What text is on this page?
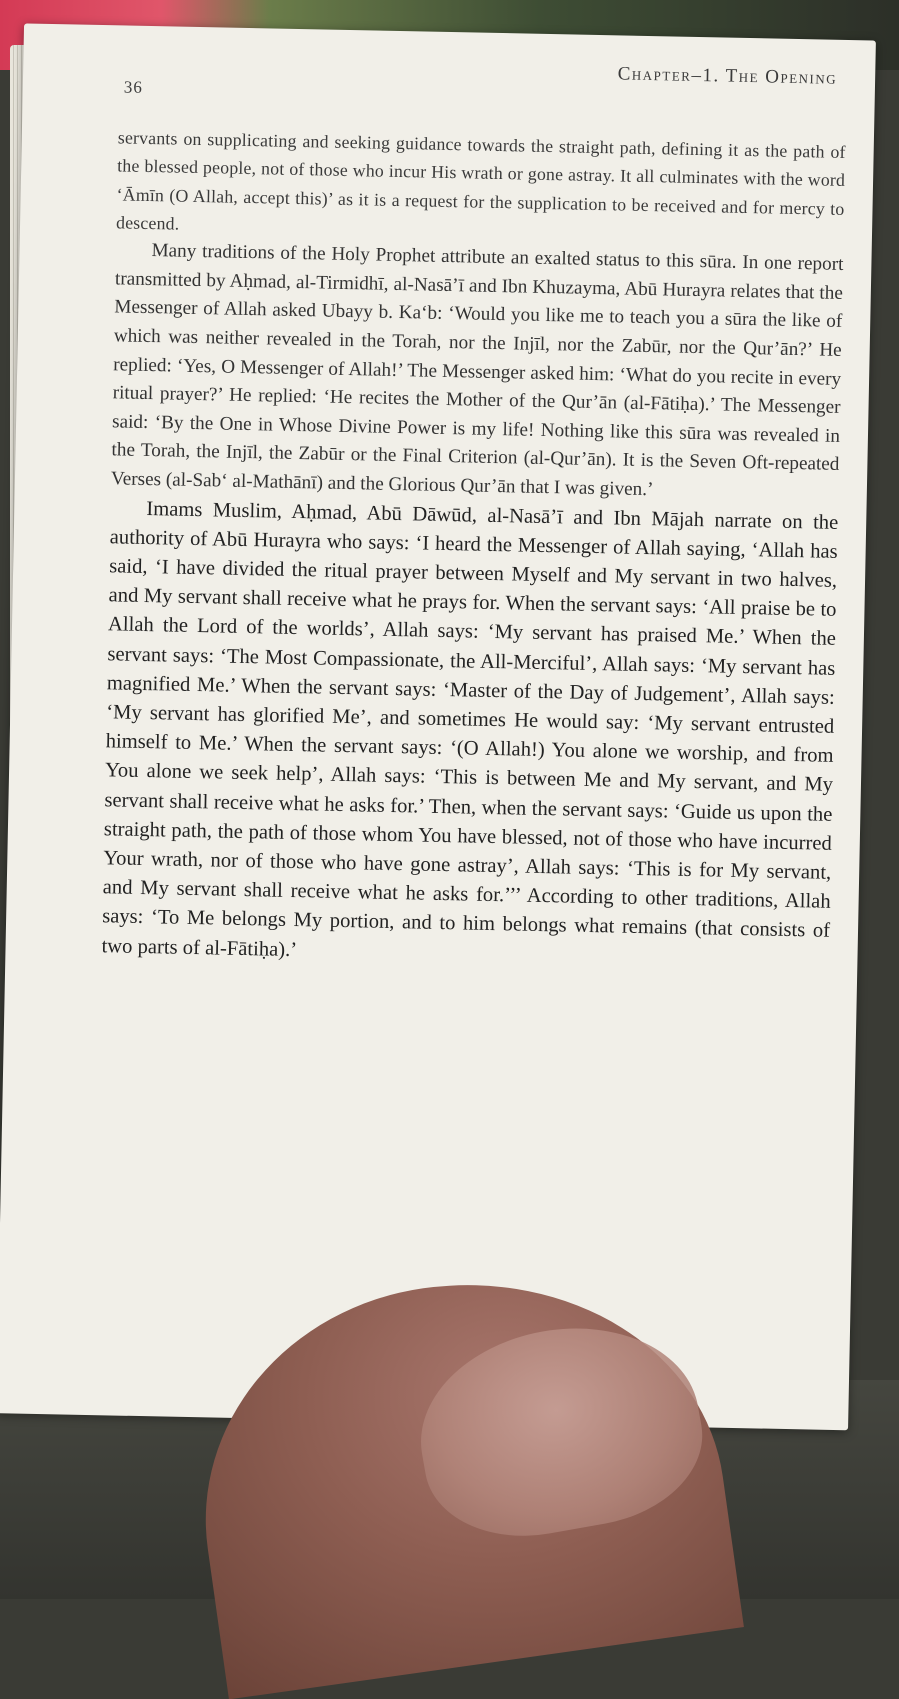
36	Chapter–1. The Opening

servants on supplicating and seeking guidance towards the straight path, defining it as the path of the blessed people, not of those who incur His wrath or gone astray. It all culminates with the word ‘Āmīn (O Allah, accept this)’ as it is a request for the supplication to be received and for mercy to descend.

Many traditions of the Holy Prophet attribute an exalted status to this sūra. In one report transmitted by Aḥmad, al-Tirmidhī, al-Nasā’ī and Ibn Khuzayma, Abū Hurayra relates that the Messenger of Allah asked Ubayy b. Ka‘b: ‘Would you like me to teach you a sūra the like of which was neither revealed in the Torah, nor the Injīl, nor the Zabūr, nor the Qur’ān?’ He replied: ‘Yes, O Messenger of Allah!’ The Messenger asked him: ‘What do you recite in every ritual prayer?’ He replied: ‘He recites the Mother of the Qur’ān (al-Fātiḥa).’ The Messenger said: ‘By the One in Whose Divine Power is my life! Nothing like this sūra was revealed in the Torah, the Injīl, the Zabūr or the Final Criterion (al-Qur’ān). It is the Seven Oft-repeated Verses (al-Sab‘ al-Mathānī) and the Glorious Qur’ān that I was given.’

Imams Muslim, Aḥmad, Abū Dāwūd, al-Nasā’ī and Ibn Mājah narrate on the authority of Abū Hurayra who says: ‘I heard the Messenger of Allah saying, ‘Allah has said, ‘I have divided the ritual prayer between Myself and My servant in two halves, and My servant shall receive what he prays for. When the servant says: ‘All praise be to Allah the Lord of the worlds’, Allah says: ‘My servant has praised Me.’ When the servant says: ‘The Most Compassionate, the All-Merciful’, Allah says: ‘My servant has magnified Me.’ When the servant says: ‘Master of the Day of Judgement’, Allah says: ‘My servant has glorified Me’, and sometimes He would say: ‘My servant entrusted himself to Me.’ When the servant says: ‘(O Allah!) You alone we worship, and from You alone we seek help’, Allah says: ‘This is between Me and My servant, and My servant shall receive what he asks for.’ Then, when the servant says: ‘Guide us upon the straight path, the path of those whom You have blessed, not of those who have incurred Your wrath, nor of those who have gone astray’, Allah says: ‘This is for My servant, and My servant shall receive what he asks for.’’’ According to other traditions, Allah says: ‘To Me belongs My portion, and to him belongs what remains (that consists of two parts of al-Fātiḥa).’
